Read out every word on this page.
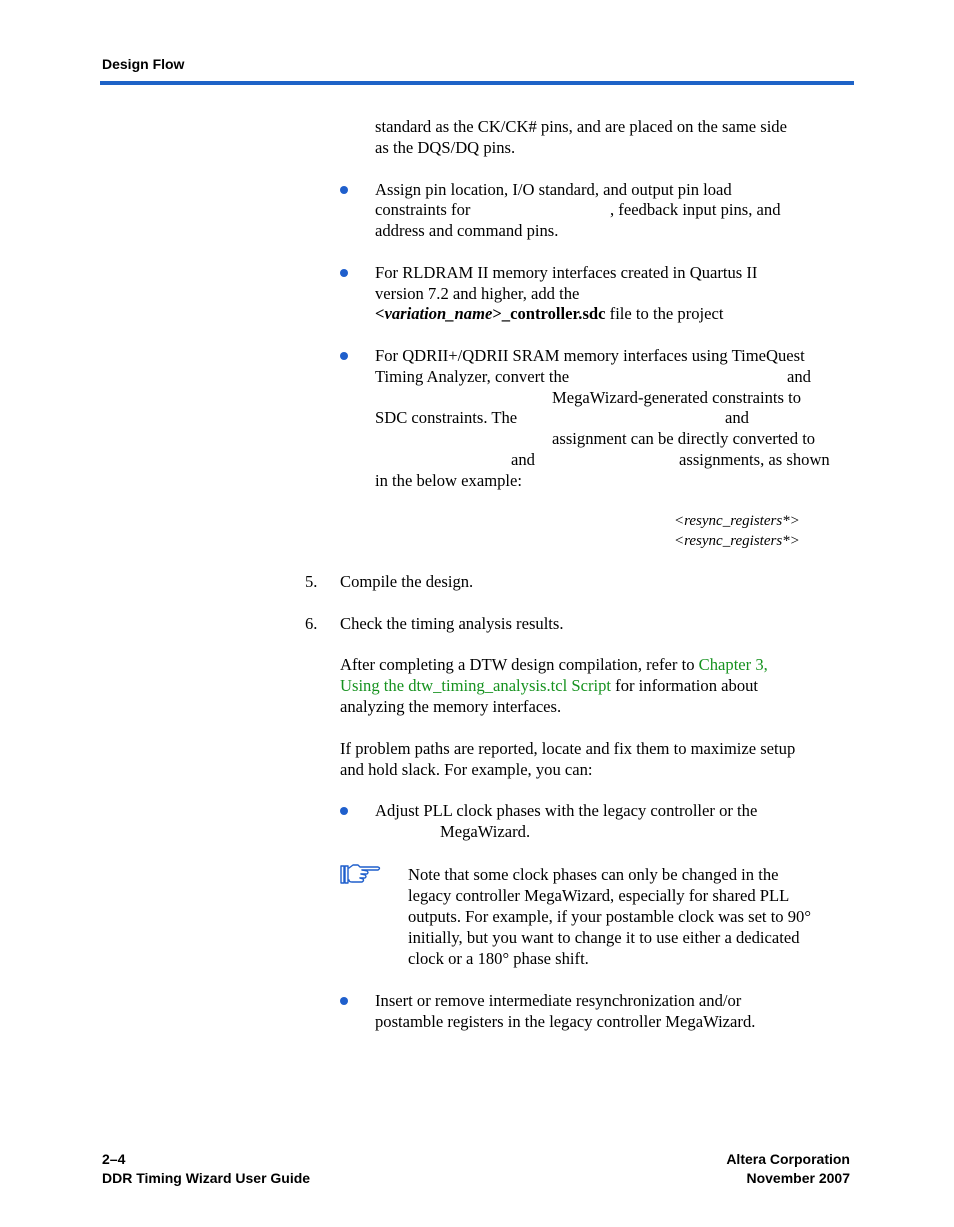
Design Flow
standard as the CK/CK# pins, and are placed on the same side
as the DQS/DQ pins.
Assign pin location, I/O standard, and output pin load
constraints for	, feedback input pins, and
address and command pins.
For RLDRAM II memory interfaces created in Quartus II
version 7.2 and higher, add the
<variation_name>_controller.sdc file to the project
For QDRII+/QDRII SRAM memory interfaces using TimeQuest
Timing Analyzer, convert the	and
MegaWizard-generated constraints to
SDC constraints. The	and
assignment can be directly converted to
and	assignments, as shown
in the below example:
<resync_registers*>
<resync_registers*>
5. Compile the design.
6. Check the timing analysis results.
After completing a DTW design compilation, refer to Chapter 3,
Using the dtw_timing_analysis.tcl Script for information about
analyzing the memory interfaces.
If problem paths are reported, locate and fix them to maximize setup
and hold slack. For example, you can:
Adjust PLL clock phases with the legacy controller or the
MegaWizard.
Note that some clock phases can only be changed in the
legacy controller MegaWizard, especially for shared PLL
outputs. For example, if your postamble clock was set to 90°
initially, but you want to change it to use either a dedicated
clock or a 180° phase shift.
Insert or remove intermediate resynchronization and/or
postamble registers in the legacy controller MegaWizard.
2–4
DDR Timing Wizard User Guide
Altera Corporation
November 2007
